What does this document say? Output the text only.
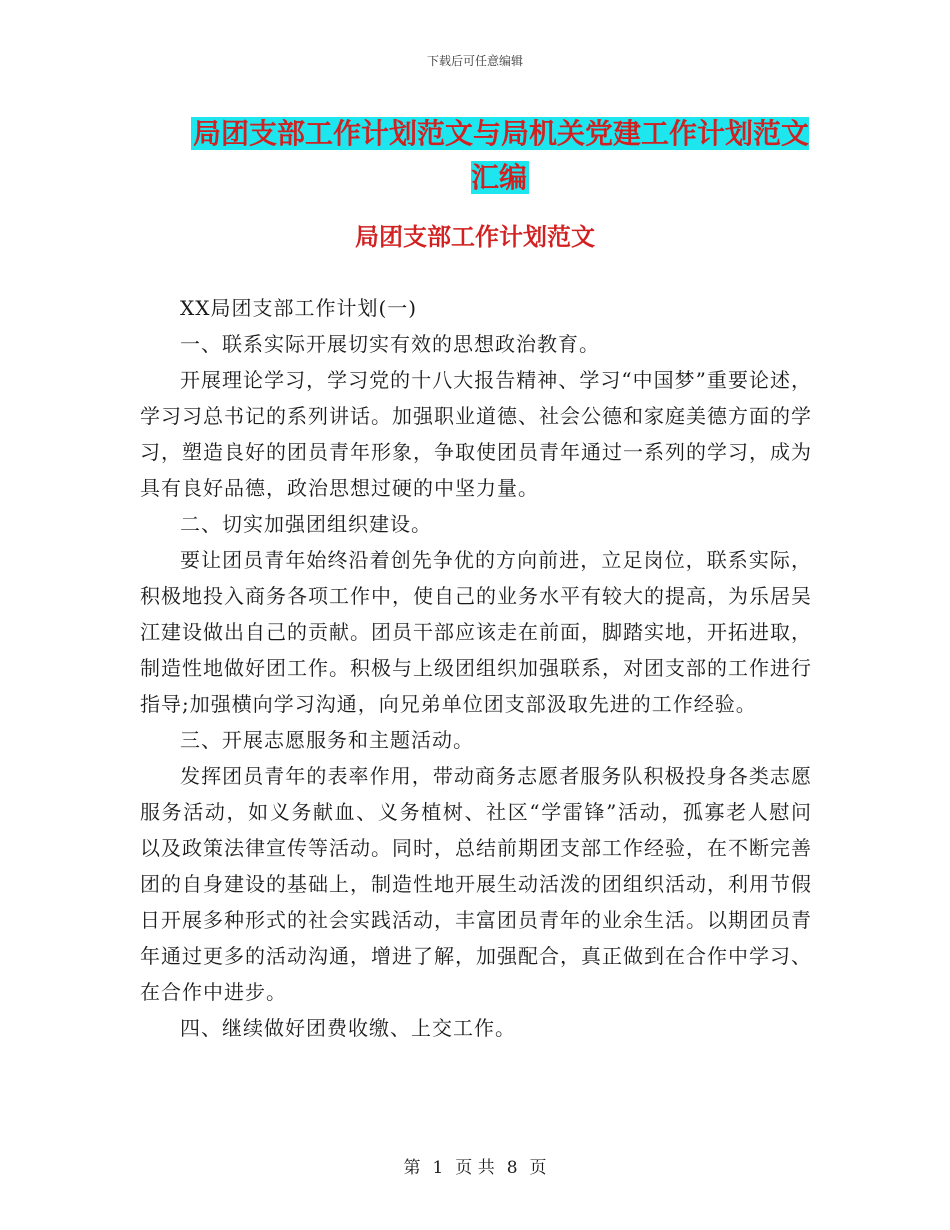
下载后可任意编辑
局团支部工作计划范文与局机关党建工作计划范文汇编
局团支部工作计划范文

XX局团支部工作计划(一)

一、联系实际开展切实有效的思想政治教育。

开展理论学习，学习党的十八大报告精神、学习“中国梦”重要论述，学习习总书记的系列讲话。加强职业道德、社会公德和家庭美德方面的学习，塑造良好的团员青年形象，争取使团员青年通过一系列的学习，成为具有良好品德，政治思想过硬的中坚力量。

二、切实加强团组织建设。

要让团员青年始终沿着创先争优的方向前进，立足岗位，联系实际，积极地投入商务各项工作中，使自己的业务水平有较大的提高，为乐居吴江建设做出自己的贡献。团员干部应该走在前面，脚踏实地，开拓进取，制造性地做好团工作。积极与上级团组织加强联系，对团支部的工作进行指导;加强横向学习沟通，向兄弟单位团支部汲取先进的工作经验。

三、开展志愿服务和主题活动。

发挥团员青年的表率作用，带动商务志愿者服务队积极投身各类志愿服务活动，如义务献血、义务植树、社区“学雷锋”活动，孤寡老人慰问以及政策法律宣传等活动。同时，总结前期团支部工作经验，在不断完善团的自身建设的基础上，制造性地开展生动活泼的团组织活动，利用节假日开展多种形式的社会实践活动，丰富团员青年的业余生活。以期团员青年通过更多的活动沟通，增进了解，加强配合，真正做到在合作中学习、在合作中进步。

四、继续做好团费收缴、上交工作。

第 1 页 共 8 页
